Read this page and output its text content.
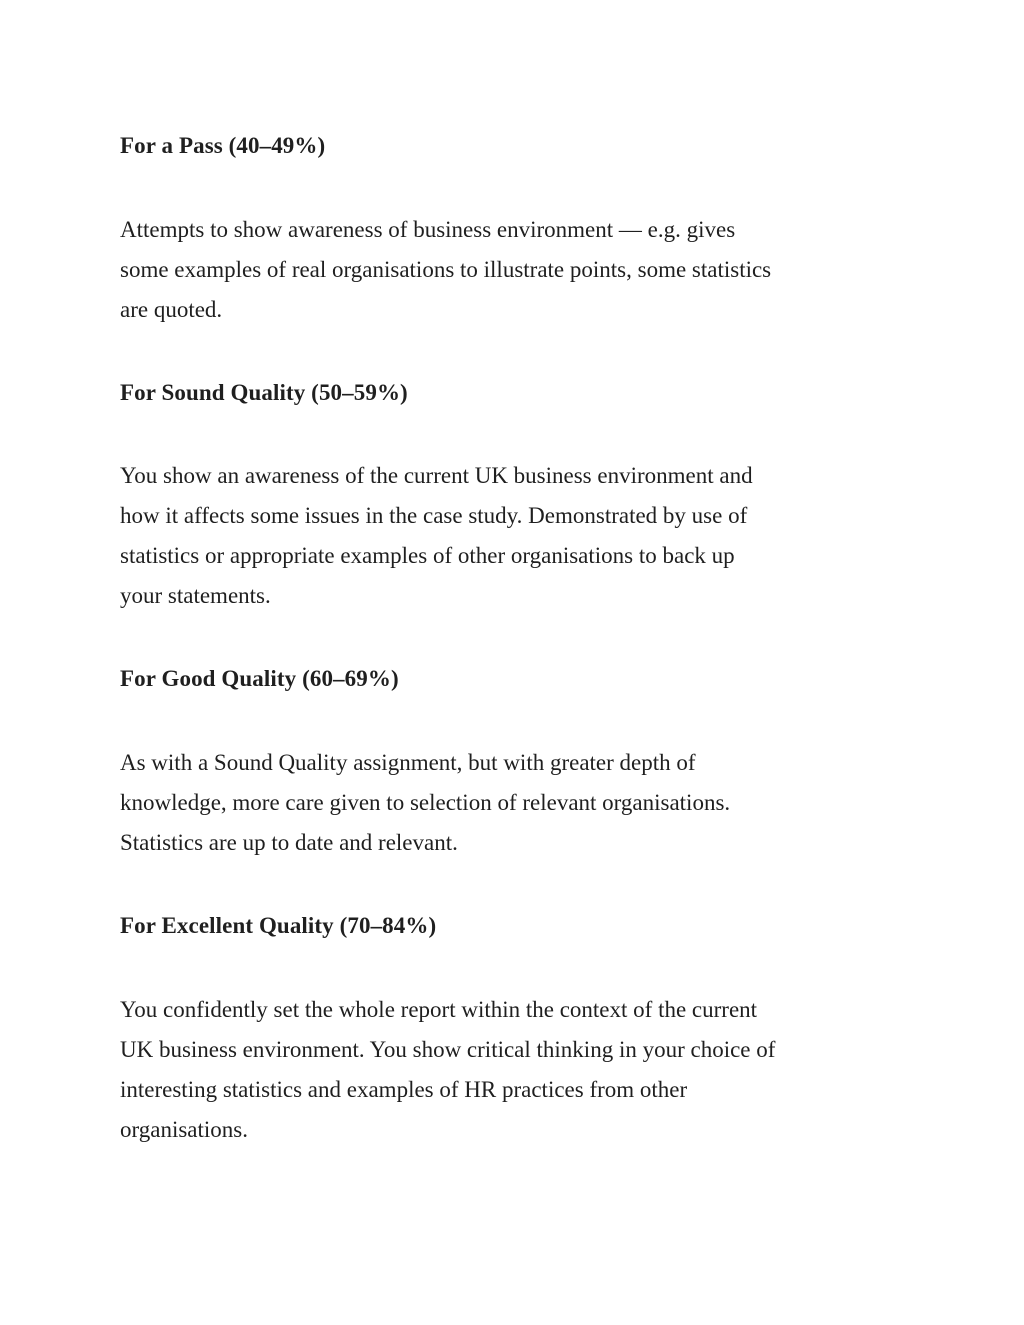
For a Pass (40–49%)
Attempts to show awareness of business environment — e.g. gives
some examples of real organisations to illustrate points, some statistics
are quoted.
For Sound Quality (50–59%)
You show an awareness of the current UK business environment and
how it affects some issues in the case study. Demonstrated by use of
statistics or appropriate examples of other organisations to back up
your statements.
For Good Quality (60–69%)
As with a Sound Quality assignment, but with greater depth of
knowledge, more care given to selection of relevant organisations.
Statistics are up to date and relevant.
For Excellent Quality (70–84%)
You confidently set the whole report within the context of the current
UK business environment. You show critical thinking in your choice of
interesting statistics and examples of HR practices from other
organisations.
